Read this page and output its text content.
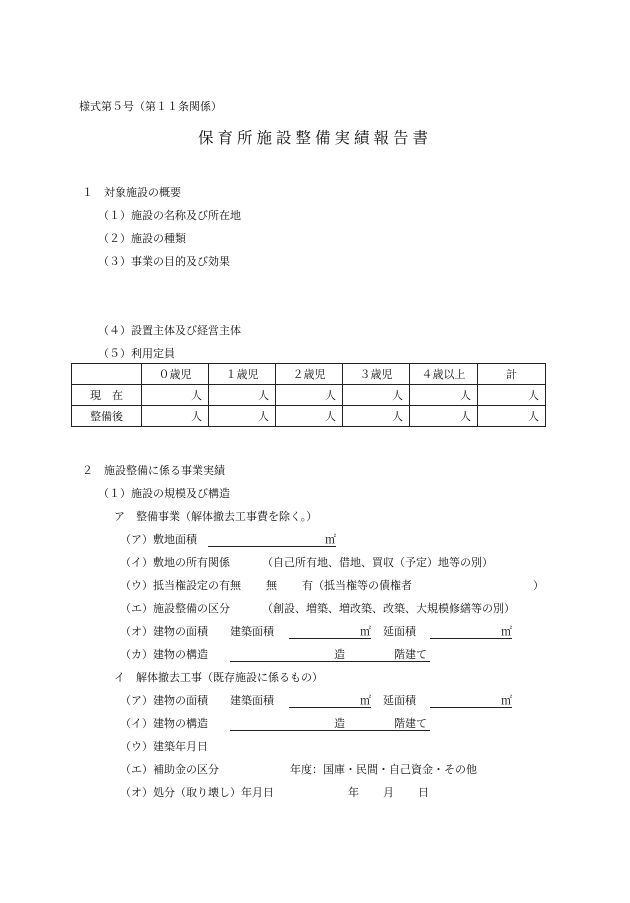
様式第５号（第１１条関係）
保育所施設整備実績報告書
１　対象施設の概要
（１）施設の名称及び所在地
（２）施設の種類
（３）事業の目的及び効果
（４）設置主体及び経営主体
（５）利用定員
	０歳児	１歳児	２歳児	３歳児	４歳以上	計
現　在	人	人	人	人	人	人
整備後	人	人	人	人	人	人
２　施設整備に係る事業実績
（１）施設の規模及び構造
ア　整備事業（解体撤去工事費を除く。）
（ア）敷地面積	㎡
（イ）敷地の所有関係	（自己所有地、借地、買収（予定）地等の別）
（ウ）抵当権設定の有無 無 有（抵当権等の債権者	）
（エ）施設整備の区分	（創設、増築、増改築、改築、大規模修繕等の別）
（オ）建物の面積 建築面積	㎡ 延面積	㎡
（カ）建物の構造	造	階建て
イ　解体撤去工事（既存施設に係るもの）
（ア）建物の面積 建築面積	㎡ 延面積	㎡
（イ）建物の構造	造	階建て
（ウ）建築年月日
（エ）補助金の区分	年度：国庫・民間・自己資金・その他
（オ）処分（取り壊し）年月日	年 月 日
